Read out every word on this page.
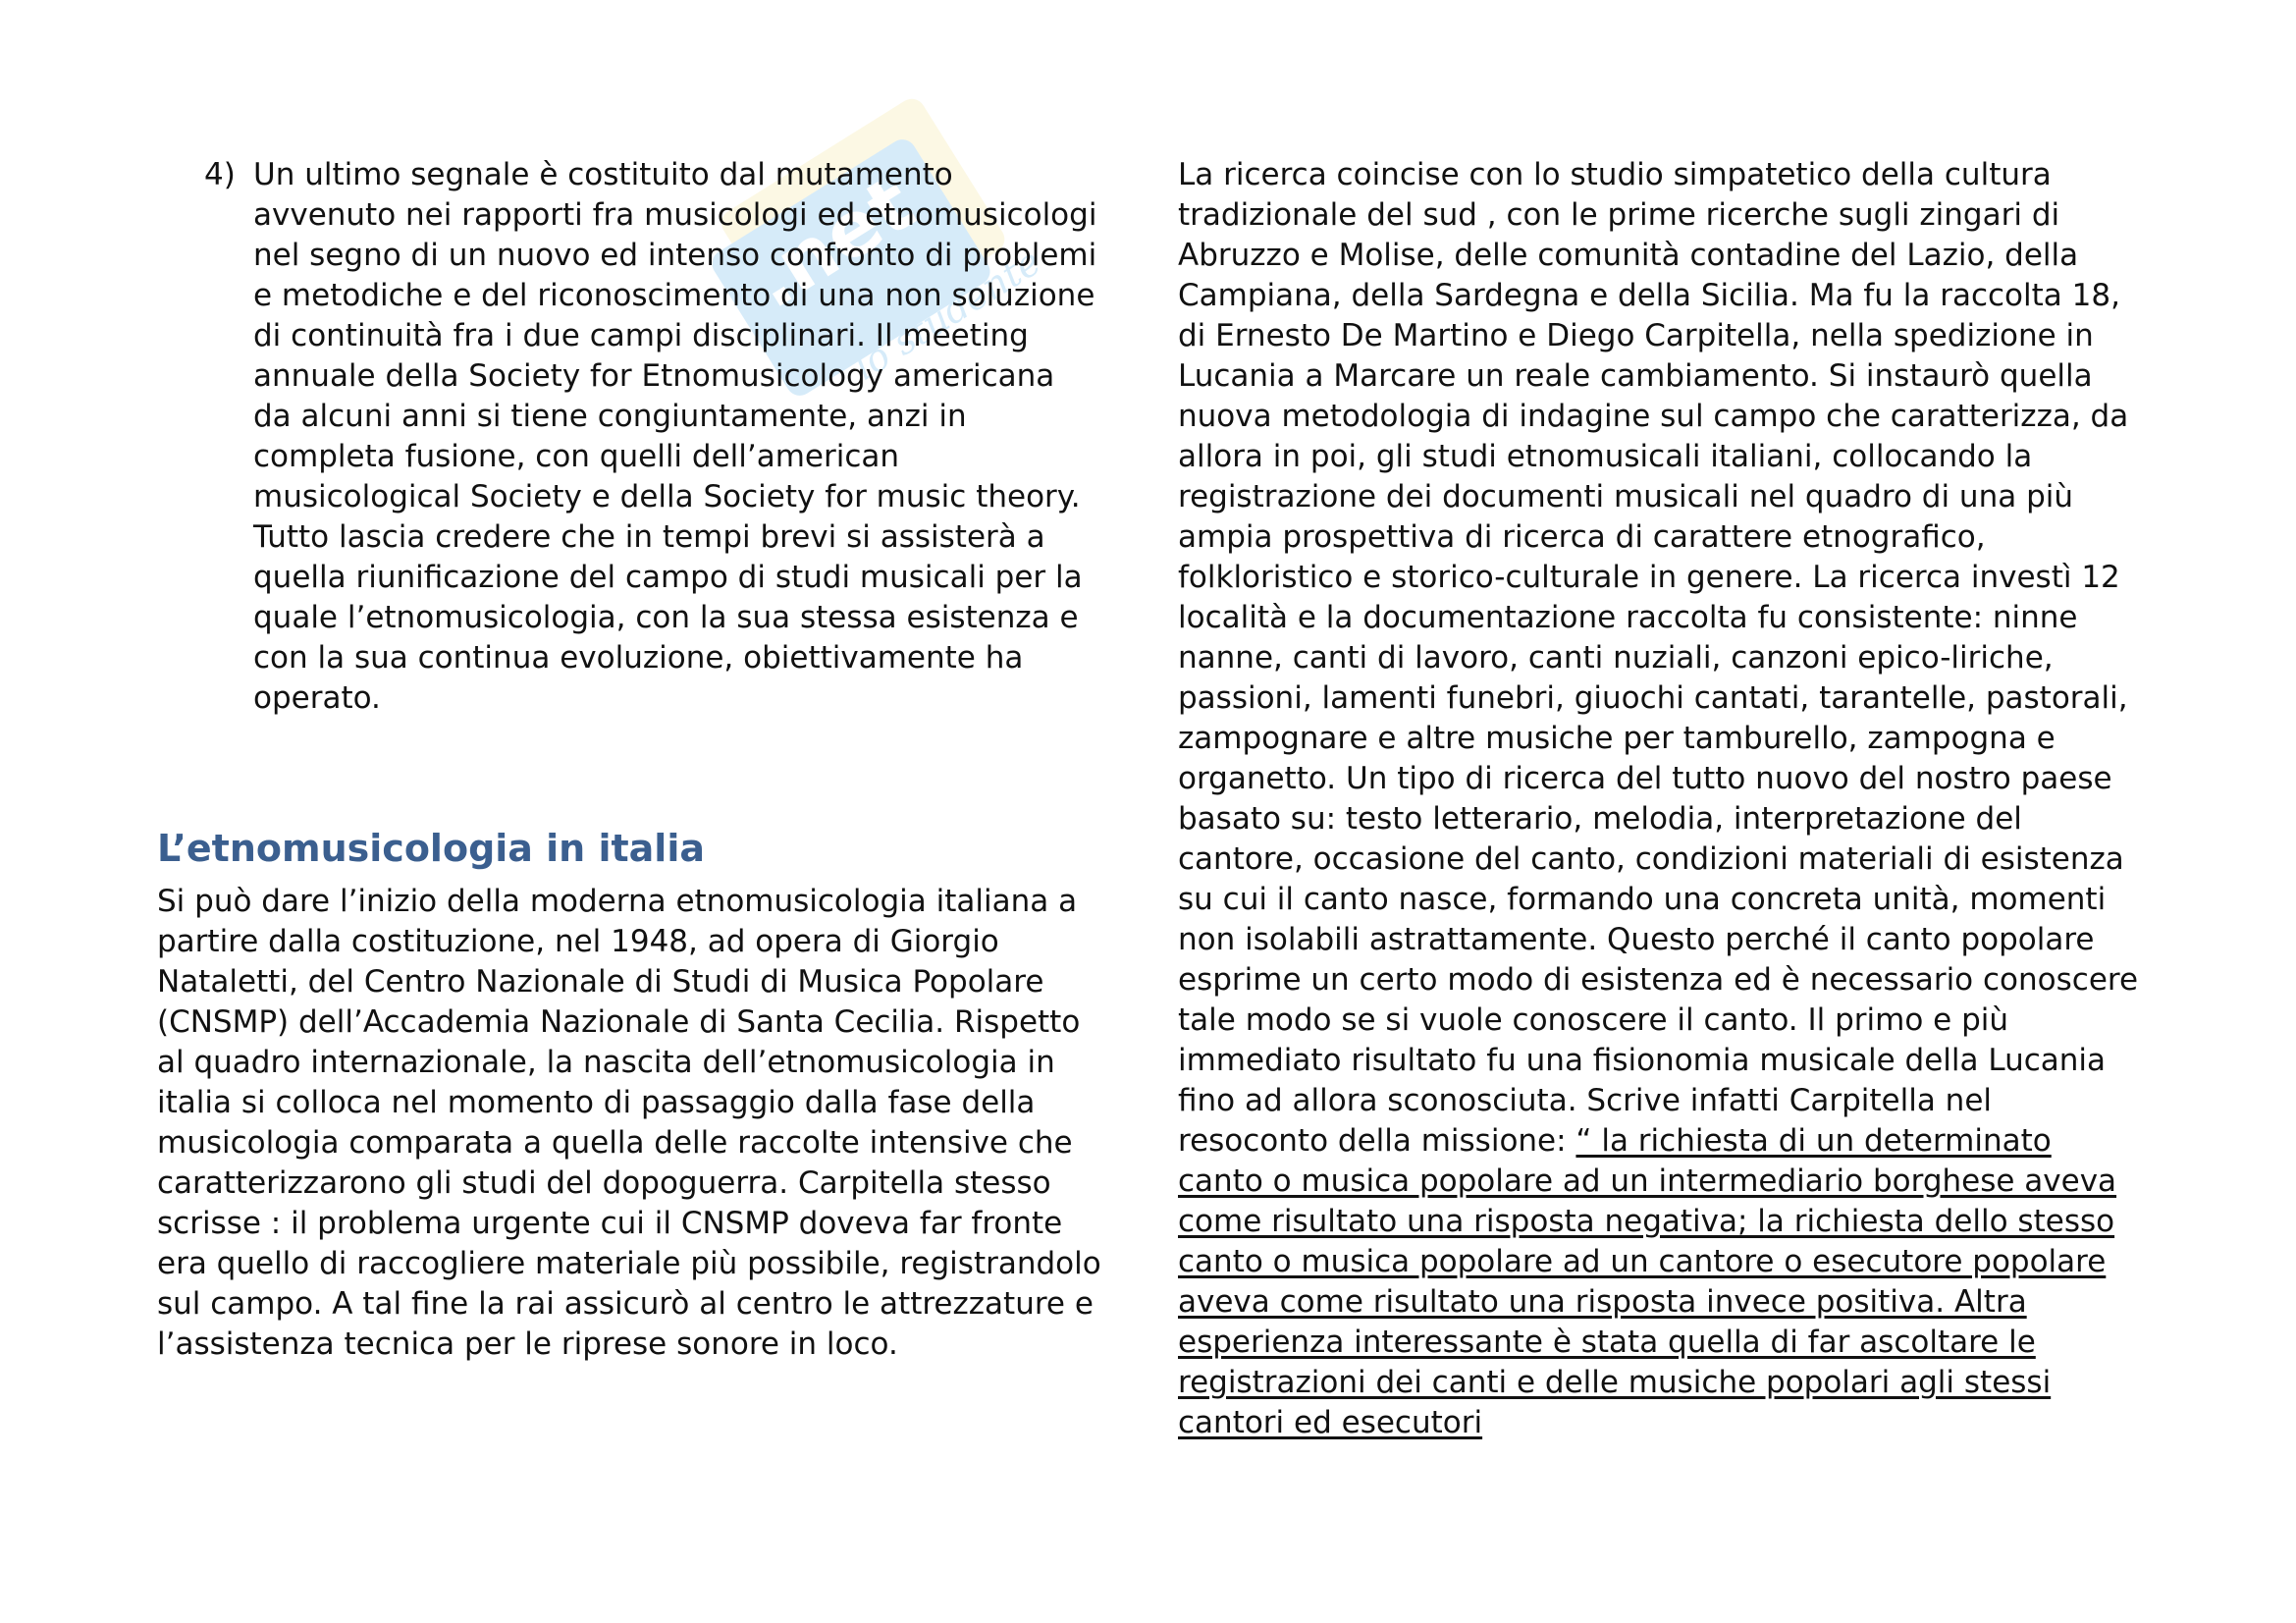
.net
lo studente
4) Un ultimo segnale è costituito dal mutamento avvenuto nei rapporti fra musicologi ed etnomusicologi nel segno di un nuovo ed intenso confronto di problemi e metodiche e del riconoscimento di una non soluzione di continuità fra i due campi disciplinari. Il meeting annuale della Society for Etnomusicology americana da alcuni anni si tiene congiuntamente, anzi in completa fusione, con quelli dell’american musicological Society e della Society for music theory. Tutto lascia credere che in tempi brevi si assisterà a quella riunificazione del campo di studi musicali per la quale l’etnomusicologia, con la sua stessa esistenza e con la sua continua evoluzione, obiettivamente ha operato.
L’etnomusicologia in italia

Si può dare l’inizio della moderna etnomusicologia italiana a partire dalla costituzione, nel 1948, ad opera di Giorgio Nataletti, del Centro Nazionale di Studi di Musica Popolare (CNSMP) dell’Accademia Nazionale di Santa Cecilia. Rispetto al quadro internazionale, la nascita dell’etnomusicologia in italia si colloca nel momento di passaggio dalla fase della musicologia comparata a quella delle raccolte intensive che caratterizzarono gli studi del dopoguerra. Carpitella stesso scrisse : il problema urgente cui il CNSMP doveva far fronte era quello di raccogliere materiale più possibile, registrandolo sul campo. A tal fine la rai assicurò al centro le attrezzature e l’assistenza tecnica per le riprese sonore in loco.

La ricerca coincise con lo studio simpatetico della cultura tradizionale del sud , con le prime ricerche sugli zingari di Abruzzo e Molise, delle comunità contadine del Lazio, della Campiana, della Sardegna e della Sicilia. Ma fu la raccolta 18, di Ernesto De Martino e Diego Carpitella, nella spedizione in Lucania a Marcare un reale cambiamento. Si instaurò quella nuova metodologia di indagine sul campo che caratterizza, da allora in poi, gli studi etnomusicali italiani, collocando la registrazione dei documenti musicali nel quadro di una più ampia prospettiva di ricerca di carattere etnografico, folkloristico e storico-culturale in genere. La ricerca investì 12 località e la documentazione raccolta fu consistente: ninne nanne, canti di lavoro, canti nuziali, canzoni epico-liriche, passioni, lamenti funebri, giuochi cantati, tarantelle, pastorali, zampognare e altre musiche per tamburello, zampogna e organetto. Un tipo di ricerca del tutto nuovo del nostro paese basato su: testo letterario, melodia, interpretazione del cantore, occasione del canto, condizioni materiali di esistenza su cui il canto nasce, formando una concreta unità, momenti non isolabili astrattamente. Questo perché il canto popolare esprime un certo modo di esistenza ed è necessario conoscere tale modo se si vuole conoscere il canto. Il primo e più immediato risultato fu una fisionomia musicale della Lucania fino ad allora sconosciuta. Scrive infatti Carpitella nel resoconto della missione: “ la richiesta di un determinato canto o musica popolare ad un intermediario borghese aveva come risultato una risposta negativa; la richiesta dello stesso canto o musica popolare ad un cantore o esecutore popolare aveva come risultato una risposta invece positiva. Altra esperienza interessante è stata quella di far ascoltare le registrazioni dei canti e delle musiche popolari agli stessi cantori ed esecutori
